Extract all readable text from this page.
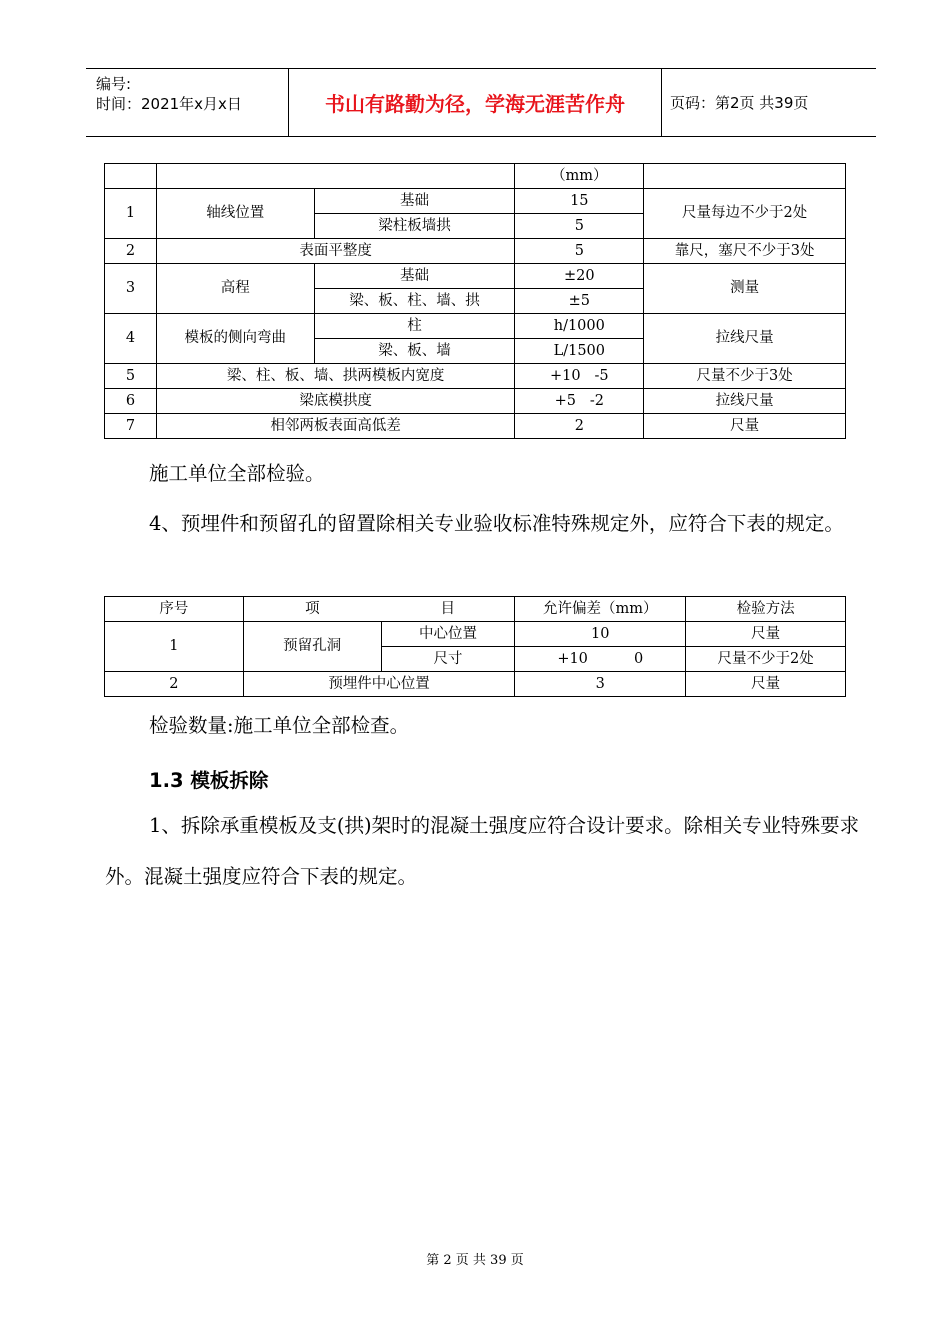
编号:
时间：2021年x月x日	书山有路勤为径，学海无涯苦作舟	页码：第2页 共39页
			（mm）	
1	轴线位置	基础	15	尺量每边不少于2处
		梁柱板墙拱	5	
2	表面平整度		5	靠尺，塞尺不少于3处
3	高程	基础	±20	测量
		梁、板、柱、墙、拱	±5	
4	模板的侧向弯曲	柱	h/1000	拉线尺量
		梁、板、墙	L/1500	
5	梁、柱、板、墙、拱两模板内宽度		+10   -5	尺量不少于3处
6	梁底模拱度		+5   -2	拉线尺量
7	相邻两板表面高低差		2	尺量
施工单位全部检验。
4、预埋件和预留孔的留置除相关专业验收标准特殊规定外，应符合下表的规定。
序号	项	目	允许偏差（mm）	检验方法
1	预留孔洞	中心位置	10	尺量
		尺寸	+10          0	尺量不少于2处
2	预埋件中心位置		3	尺量
检验数量:施工单位全部检查。
1.3 模板拆除
1、拆除承重模板及支(拱)架时的混凝土强度应符合设计要求。除相关专业特殊要求外。混凝土强度应符合下表的规定。
第 2 页 共 39 页
